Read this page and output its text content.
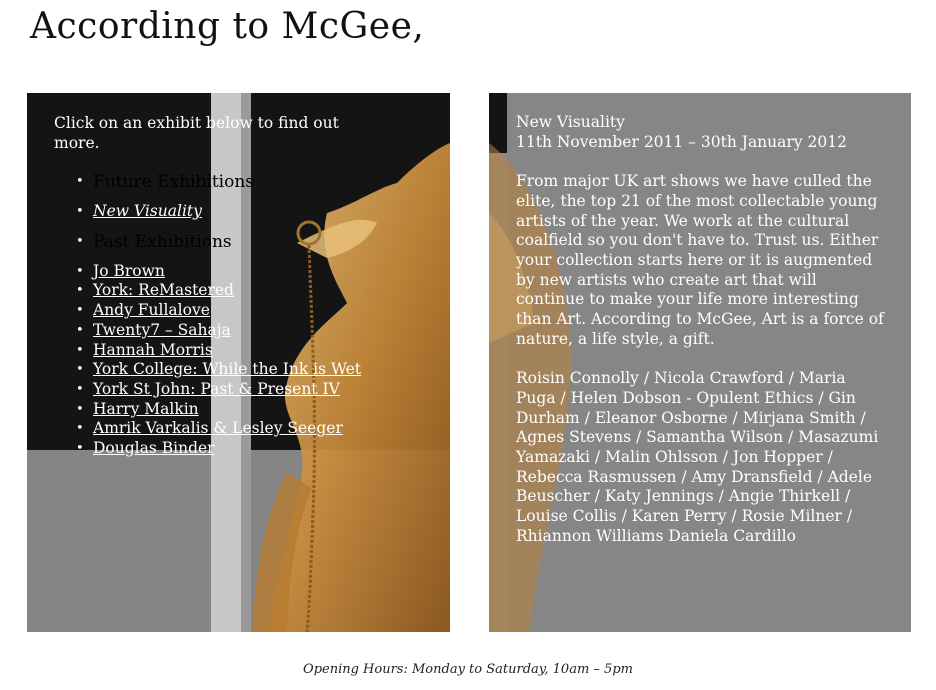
According to McGee,
Click on an exhibit below to find out more.
• Future Exhibitions
• New Visuality
• Past Exhibitions
• Jo Brown
• York: ReMastered
• Andy Fullalove
• Twenty7 – Sahaja
• Hannah Morris
• York College: While the Ink is Wet
• York St John: Past & Present IV
• Harry Malkin
• Amrik Varkalis & Lesley Seeger
• Douglas Binder

New Visuality

11th November 2011 – 30th January 2012

From major UK art shows we have culled the elite, the top 21 of the most collectable young artists of the year. We work at the cultural coalfield so you don't have to. Trust us. Either your collection starts here or it is augmented by new artists who create art that will continue to make your life more interesting than Art. According to McGee, Art is a force of nature, a life style, a gift.

Roisin Connolly / Nicola Crawford / Maria Puga / Helen Dobson - Opulent Ethics / Gin Durham / Eleanor Osborne / Mirjana Smith / Agnes Stevens / Samantha Wilson / Masazumi Yamazaki / Malin Ohlsson / Jon Hopper / Rebecca Rasmussen / Amy Dransfield / Adele Beuscher / Katy Jennings / Angie Thirkell / Louise Collis / Karen Perry / Rosie Milner / Rhiannon Williams Daniela Cardillo

Opening Hours: Monday to Saturday, 10am – 5pm
